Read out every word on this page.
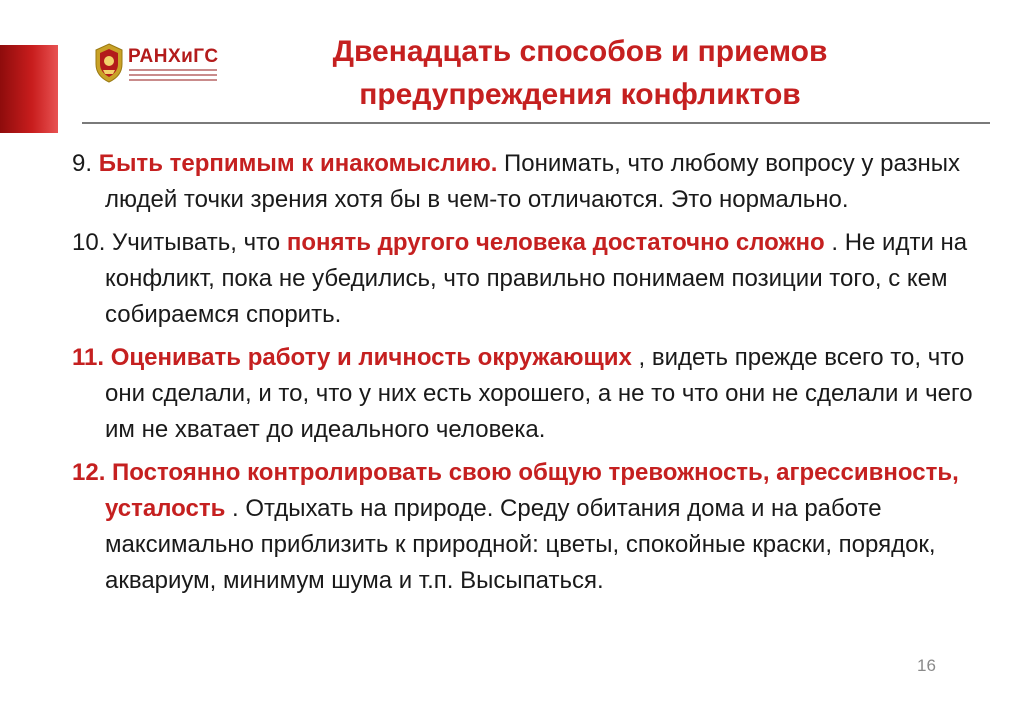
РАНХиГС	Двенадцать способов и приемов
предупреждения конфликтов
9. Быть терпимым к инакомыслию. Понимать, что любому вопросу у разных людей точки зрения хотя бы в чем-то отличаются. Это нормально.
10. Учитывать, что понять другого человека достаточно сложно . Не идти на конфликт, пока не убедились, что правильно понимаем позиции того, с кем собираемся спорить.
11. Оценивать работу и личность окружающих , видеть прежде всего то, что они сделали, и то, что у них есть хорошего, а не то что они не сделали и чего им не хватает до идеального человека.
12. Постоянно контролировать свою общую тревожность, агрессивность, усталость . Отдыхать на природе. Среду обитания дома и на работе максимально приблизить к природной: цветы, спокойные краски, порядок, аквариум, минимум шума и т.п. Высыпаться.
16
